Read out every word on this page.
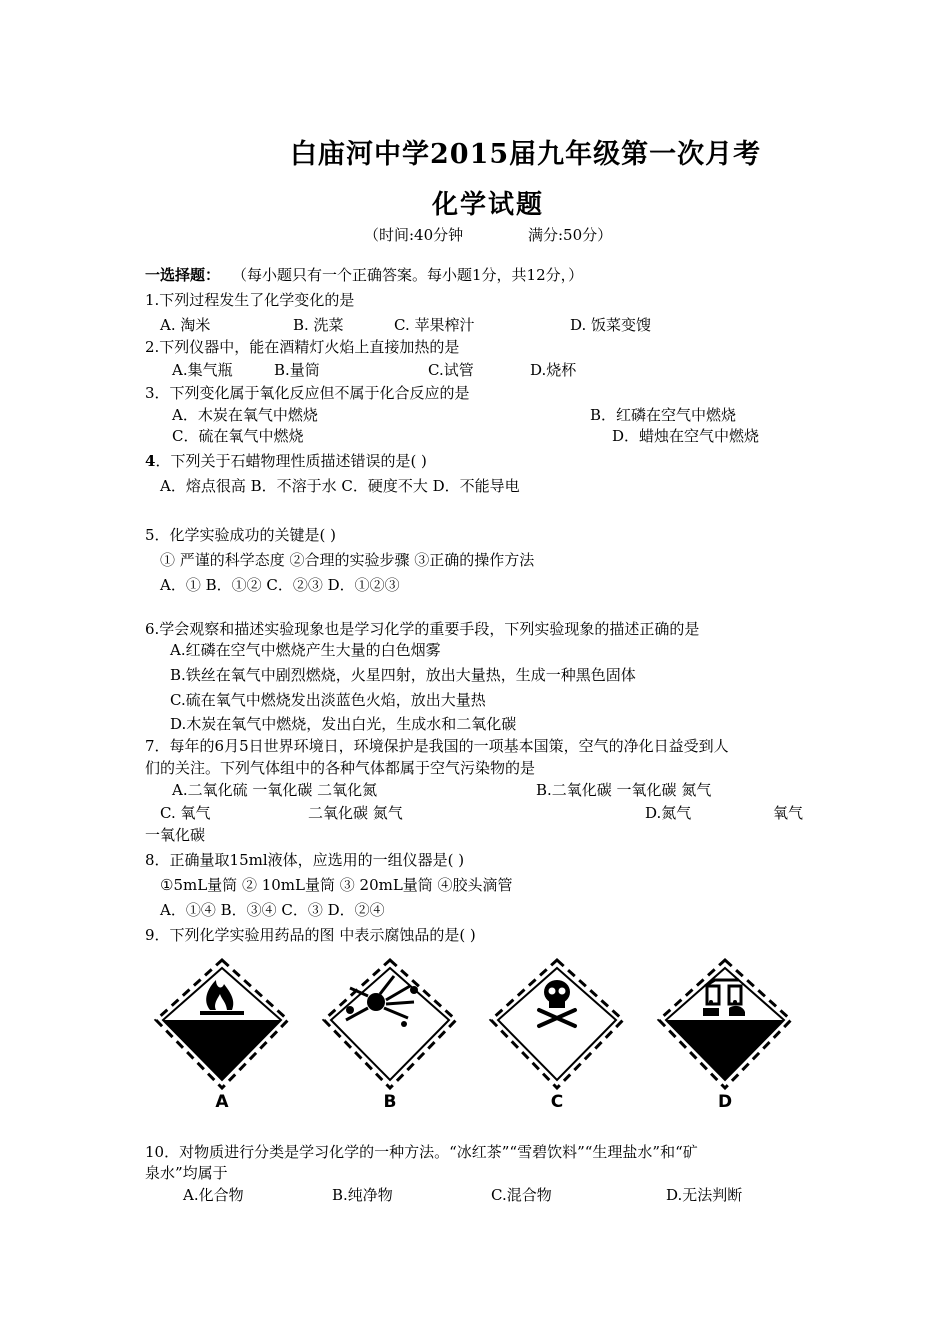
白庙河中学2015届九年级第一次月考
化学试题
（时间:40分钟	满分:50分）
一选择题： （每小题只有一个正确答案。每小题1分，共12分，）
1.下列过程发生了化学变化的是
A. 淘米	B. 洗菜	C. 苹果榨汁	D. 饭菜变馊
2.下列仪器中，能在酒精灯火焰上直接加热的是
A.集气瓶	B.量筒	C.试管	D.烧杯
3．下列变化属于氧化反应但不属于化合反应的是
A．木炭在氧气中燃烧	B．红磷在空气中燃烧
C．硫在氧气中燃烧	D．蜡烛在空气中燃烧
4．下列关于石蜡物理性质描述错误的是( )
A．熔点很高 B．不溶于水 C．硬度不大 D．不能导电
5．化学实验成功的关键是( )
① 严谨的科学态度 ②合理的实验步骤 ③正确的操作方法
A．① B．①② C．②③ D．①②③
6.学会观察和描述实验现象也是学习化学的重要手段，下列实验现象的描述正确的是
A.红磷在空气中燃烧产生大量的白色烟雾
B.铁丝在氧气中剧烈燃烧，火星四射，放出大量热，生成一种黑色固体
C.硫在氧气中燃烧发出淡蓝色火焰，放出大量热
D.木炭在氧气中燃烧，发出白光，生成水和二氧化碳
7．每年的6月5日世界环境日，环境保护是我国的一项基本国策，空气的净化日益受到人
们的关注。下列气体组中的各种气体都属于空气污染物的是
A.二氧化硫 一氧化碳 二氧化氮	B.二氧化碳 一氧化碳 氮气
C. 氧气	二氧化碳 氮气	D.氮气	氧气
一氧化碳
8．正确量取15ml液体，应选用的一组仪器是( )
①5mL量筒 ② 10mL量筒 ③ 20mL量筒 ④胶头滴管
A．①④ B．③④ C．③ D．②④
9．下列化学实验用药品的图 中表示腐蚀品的是( )
A	B	C	D
10．对物质进行分类是学习化学的一种方法。“冰红茶”“雪碧饮料”“生理盐水”和“矿
泉水”均属于
A.化合物	B.纯净物	C.混合物	D.无法判断
